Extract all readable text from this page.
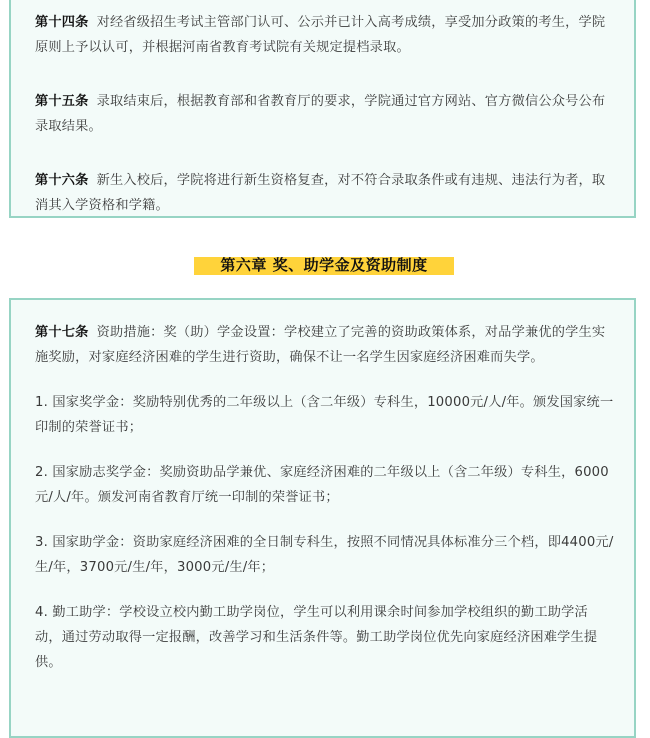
第十四条 对经省级招生考试主管部门认可、公示并已计入高考成绩，享受加分政策的考生，学院原则上予以认可，并根据河南省教育考试院有关规定提档录取。

第十五条 录取结束后，根据教育部和省教育厅的要求，学院通过官方网站、官方微信公众号公布录取结果。

第十六条 新生入校后，学院将进行新生资格复查，对不符合录取条件或有违规、违法行为者，取消其入学资格和学籍。

第六章 奖、助学金及资助制度

第十七条 资助措施：奖（助）学金设置：学校建立了完善的资助政策体系，对品学兼优的学生实施奖励，对家庭经济困难的学生进行资助，确保不让一名学生因家庭经济困难而失学。

1. 国家奖学金：奖励特别优秀的二年级以上（含二年级）专科生，10000元/人/年。颁发国家统一印制的荣誉证书；

2. 国家励志奖学金：奖励资助品学兼优、家庭经济困难的二年级以上（含二年级）专科生，6000元/人/年。颁发河南省教育厅统一印制的荣誉证书；

3. 国家助学金：资助家庭经济困难的全日制专科生，按照不同情况具体标准分三个档，即4400元/生/年，3700元/生/年，3000元/生/年；

4. 勤工助学：学校设立校内勤工助学岗位，学生可以利用课余时间参加学校组织的勤工助学活动，通过劳动取得一定报酬，改善学习和生活条件等。勤工助学岗位优先向家庭经济困难学生提供。
